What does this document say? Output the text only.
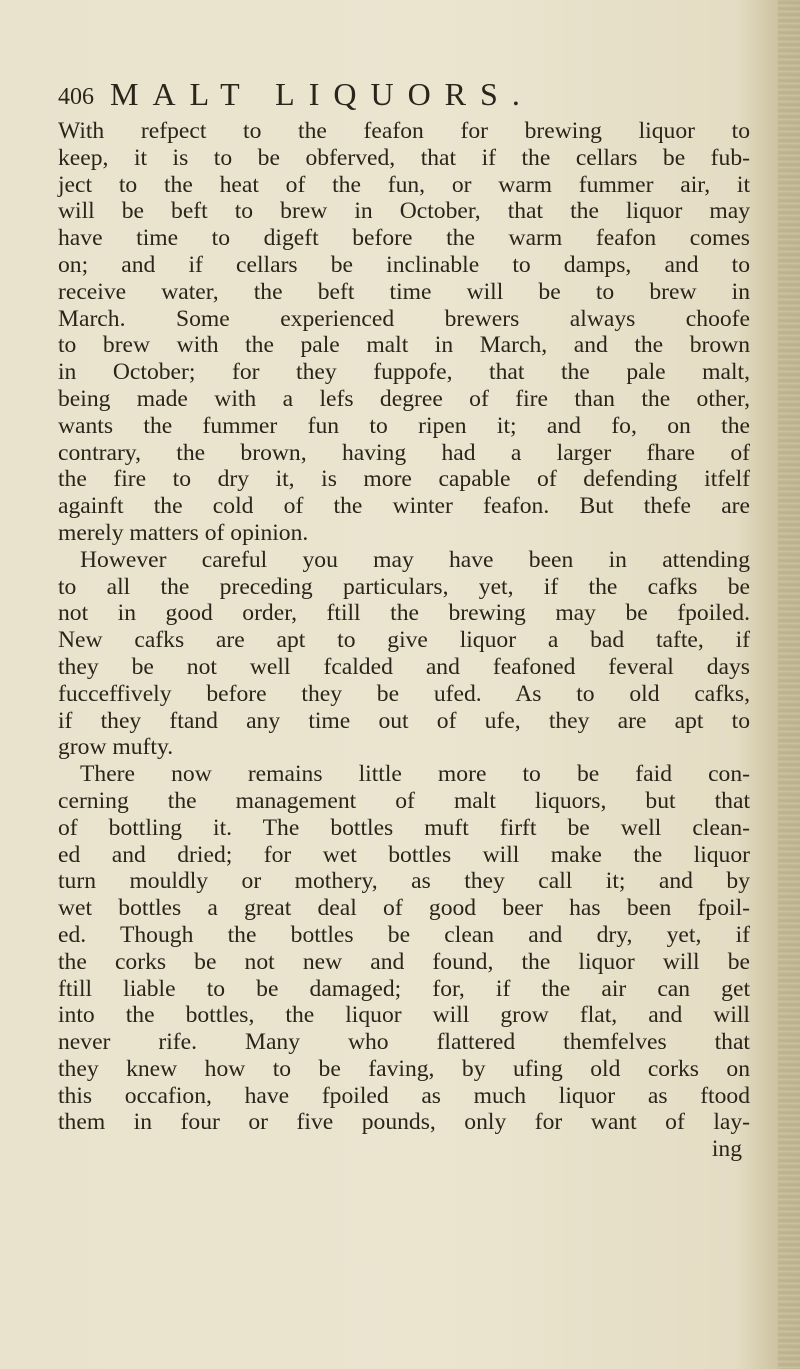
406 MALT LIQUORS.
With refpect to the feafon for brewing liquor to
keep, it is to be obferved, that if the cellars be fub-
ject to the heat of the fun, or warm fummer air, it
will be beft to brew in October, that the liquor may
have time to digeft before the warm feafon comes
on; and if cellars be inclinable to damps, and to
receive water, the beft time will be to brew in
March. Some experienced brewers always choofe
to brew with the pale malt in March, and the brown
in October; for they fuppofe, that the pale malt,
being made with a lefs degree of fire than the other,
wants the fummer fun to ripen it; and fo, on the
contrary, the brown, having had a larger fhare of
the fire to dry it, is more capable of defending itfelf
againft the cold of the winter feafon. But thefe are
merely matters of opinion.
However careful you may have been in attending
to all the preceding particulars, yet, if the cafks be
not in good order, ftill the brewing may be fpoiled.
New cafks are apt to give liquor a bad tafte, if
they be not well fcalded and feafoned feveral days
fucceffively before they be ufed. As to old cafks,
if they ftand any time out of ufe, they are apt to
grow mufty.
There now remains little more to be faid con-
cerning the management of malt liquors, but that
of bottling it. The bottles muft firft be well clean-
ed and dried; for wet bottles will make the liquor
turn mouldly or mothery, as they call it; and by
wet bottles a great deal of good beer has been fpoil-
ed. Though the bottles be clean and dry, yet, if
the corks be not new and found, the liquor will be
ftill liable to be damaged; for, if the air can get
into the bottles, the liquor will grow flat, and will
never rife. Many who flattered themfelves that
they knew how to be faving, by ufing old corks on
this occafion, have fpoiled as much liquor as ftood
them in four or five pounds, only for want of lay-
ing
